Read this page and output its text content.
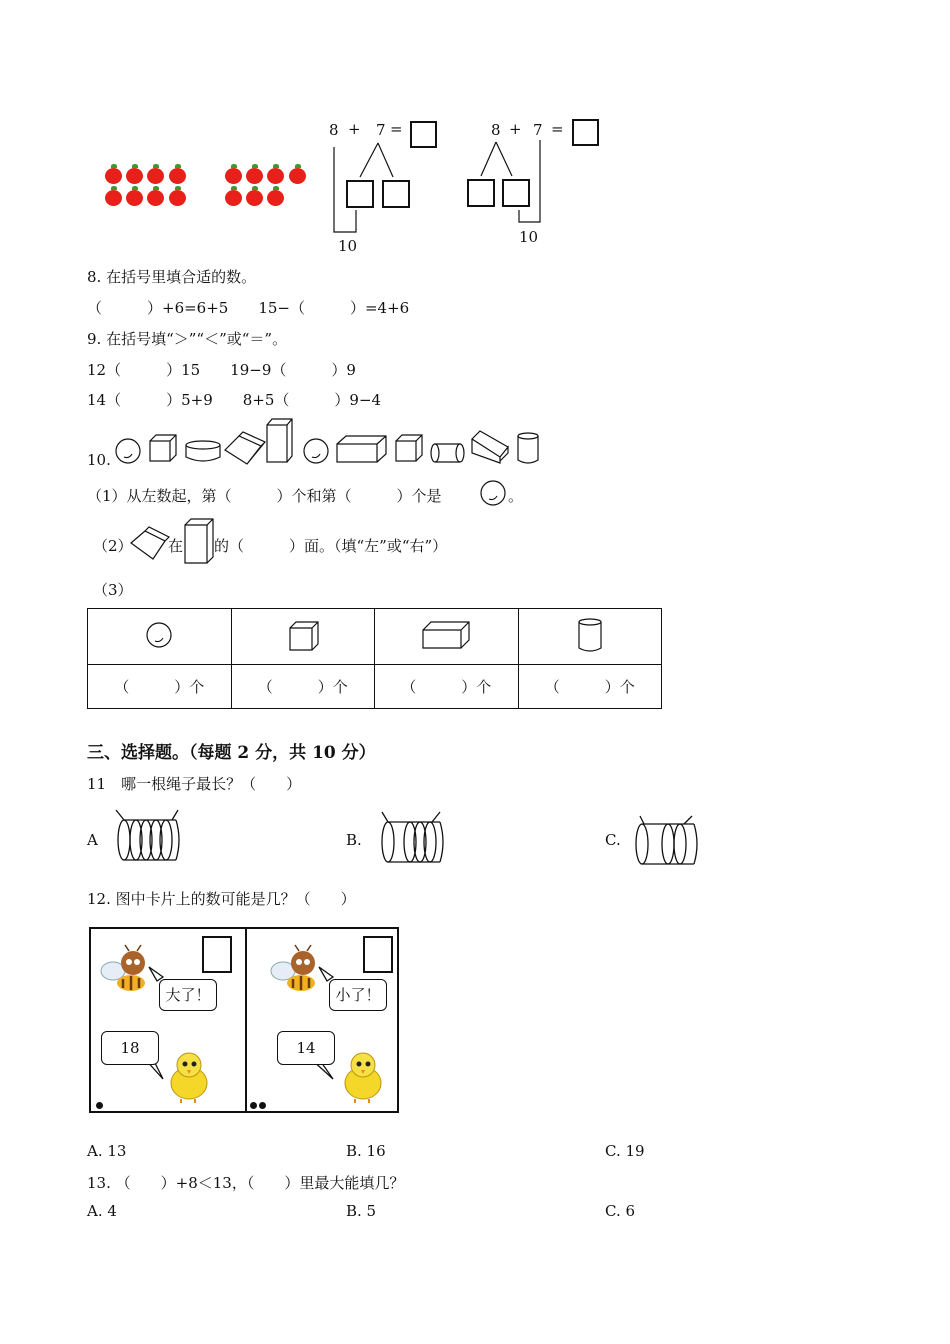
8 + 7 =
10
8 + 7 =
10
8. 在括号里填合适的数。
（　　　）+6=6+5　　15−（　　　）=4+6
9. 在括号填“＞”“＜”或“＝”。
12（　　　）15　　19−9（　　　）9
14（　　　）5+9　　8+5（　　　）9−4
10.
（1）从左数起，第（　　　）个和第（　　　）个是	。
（2） 在 的（　　　）面。（填“左”或“右”）
（3）

（　　　）个	（　　　）个	（　　　）个	（　　　）个
三、选择题。（每题 2 分，共 10 分）
11　哪一根绳子最长？（　　）
A	B.	C.
12. 图中卡片上的数可能是几？（　　）
大了！	小了！
18	14
A. 13	B. 16	C. 19
13. （　　）+8＜13，（　　）里最大能填几？
A. 4	B. 5	C. 6
